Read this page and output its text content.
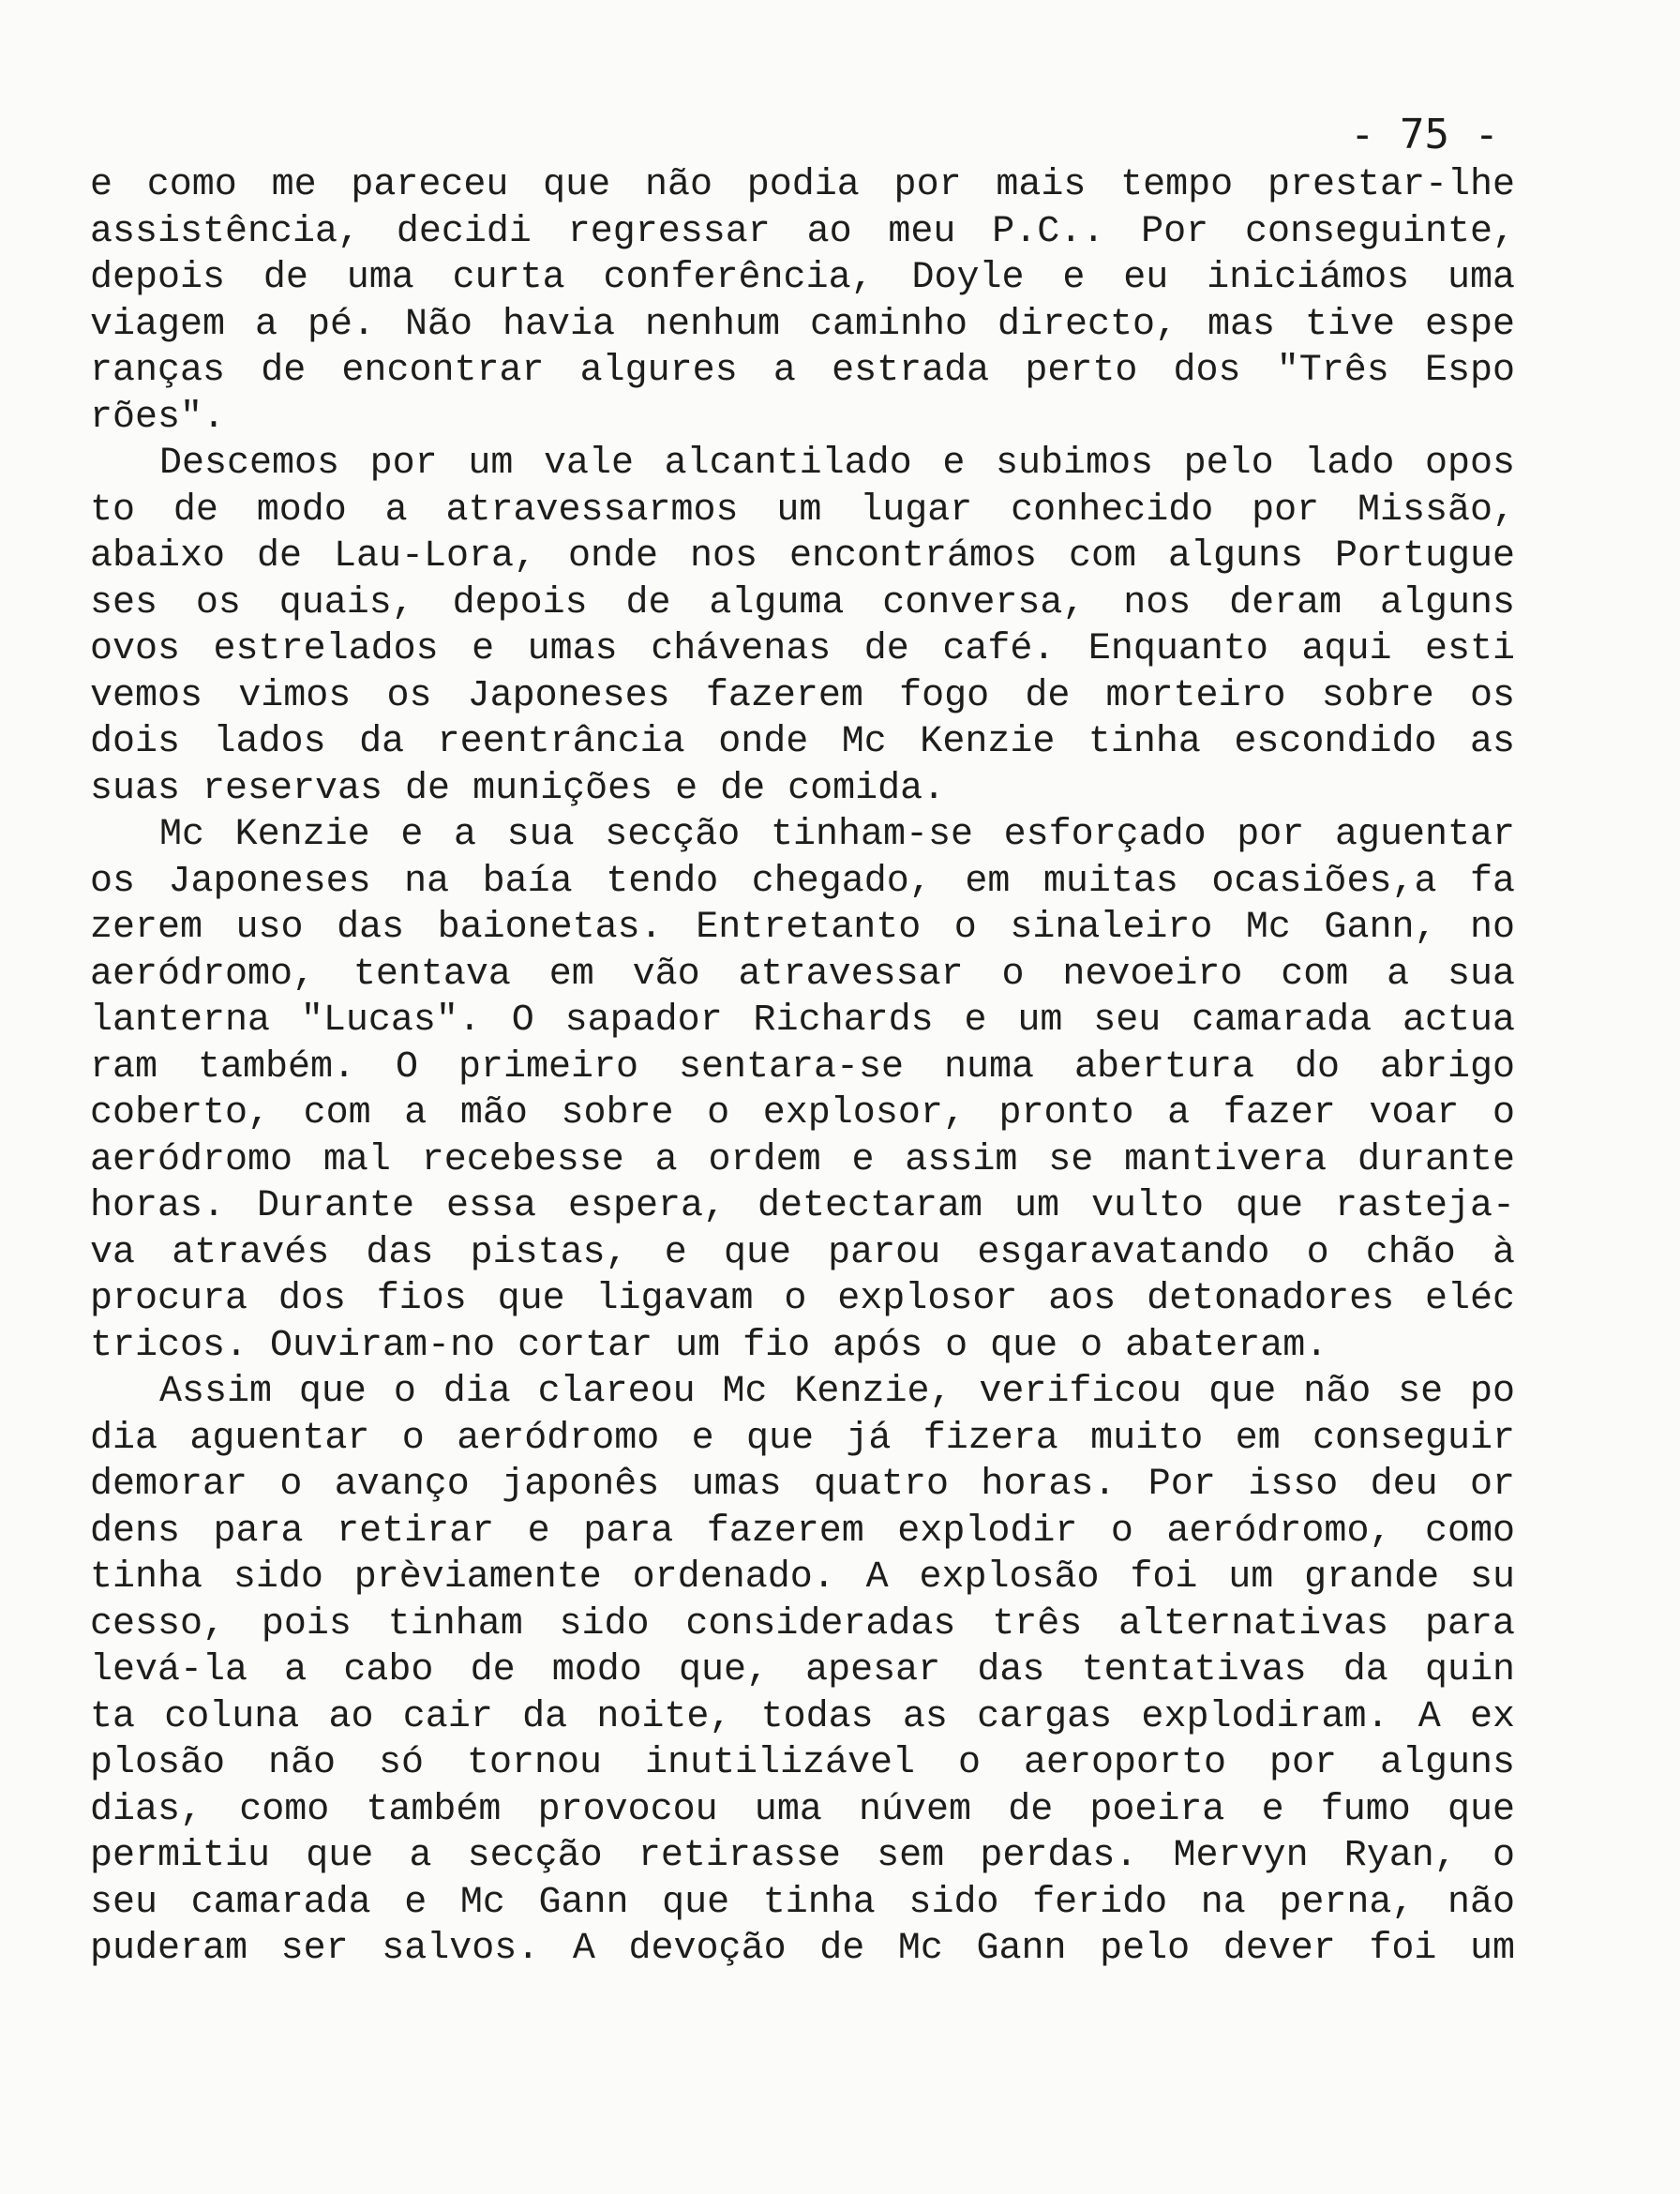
- 75 -
e como me pareceu que não podia por mais tempo prestar-lhe
assistência, decidi regressar ao meu P.C.. Por conseguinte,
depois de uma curta conferência, Doyle e eu iniciámos uma
viagem a pé. Não havia nenhum caminho directo, mas tive espe
ranças de encontrar algures a estrada perto dos "Três Espo
rões".
Descemos por um vale alcantilado e subimos pelo lado opos
to de modo a atravessarmos um lugar conhecido por Missão,
abaixo de Lau-Lora, onde nos encontrámos com alguns Portugue
ses os quais, depois de alguma conversa, nos deram alguns
ovos estrelados e umas chávenas de café. Enquanto aqui esti
vemos vimos os Japoneses fazerem fogo de morteiro sobre os
dois lados da reentrância onde Mc Kenzie tinha escondido as
suas reservas de munições e de comida.
Mc Kenzie e a sua secção tinham-se esforçado por aguentar
os Japoneses na baía tendo chegado, em muitas ocasiões,a fa
zerem uso das baionetas. Entretanto o sinaleiro Mc Gann, no
aeródromo, tentava em vão atravessar o nevoeiro com a sua
lanterna "Lucas". O sapador Richards e um seu camarada actua
ram também. O primeiro sentara-se numa abertura do abrigo
coberto, com a mão sobre o explosor, pronto a fazer voar o
aeródromo mal recebesse a ordem e assim se mantivera durante
horas. Durante essa espera, detectaram um vulto que rasteja-
va através das pistas, e que parou esgaravatando o chão à
procura dos fios que ligavam o explosor aos detonadores eléc
tricos. Ouviram-no cortar um fio após o que o abateram.
Assim que o dia clareou Mc Kenzie, verificou que não se po
dia aguentar o aeródromo e que já fizera muito em conseguir
demorar o avanço japonês umas quatro horas. Por isso deu or
dens para retirar e para fazerem explodir o aeródromo, como
tinha sido prèviamente ordenado. A explosão foi um grande su
cesso, pois tinham sido consideradas três alternativas para
levá-la a cabo de modo que, apesar das tentativas da quin
ta coluna ao cair da noite, todas as cargas explodiram. A ex
plosão não só tornou inutilizável o aeroporto por alguns
dias, como também provocou uma núvem de poeira e fumo que
permitiu que a secção retirasse sem perdas. Mervyn Ryan, o
seu camarada e Mc Gann que tinha sido ferido na perna, não
puderam ser salvos. A devoção de Mc Gann pelo dever foi um
